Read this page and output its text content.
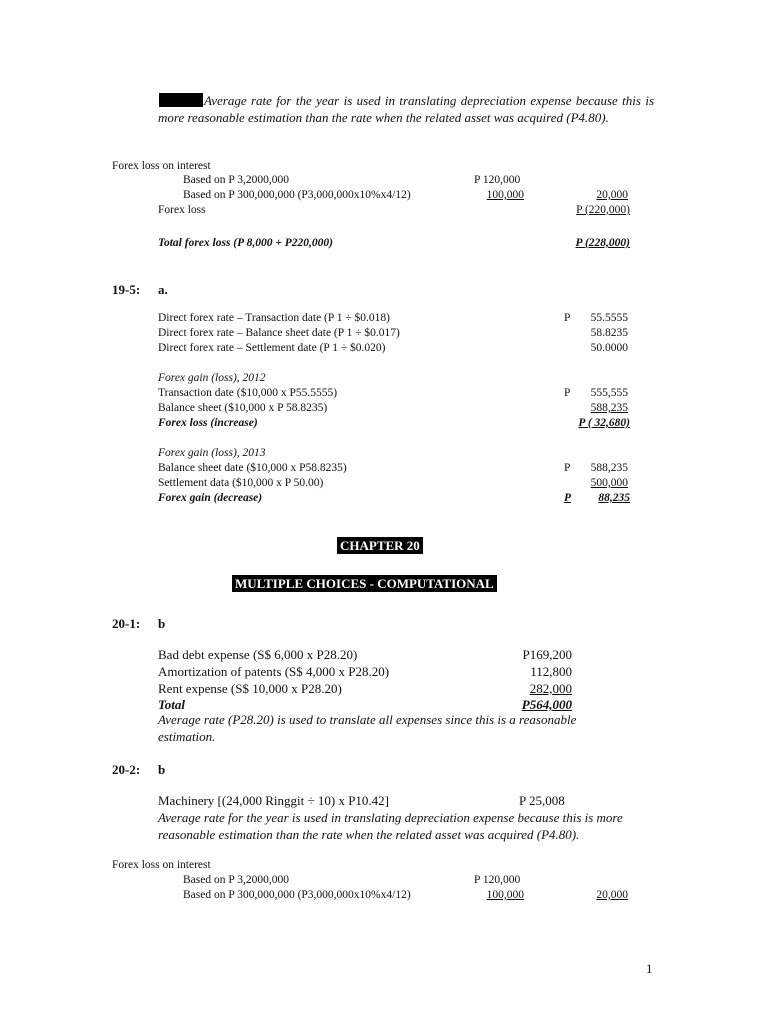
Average rate for the year is used in translating depreciation expense because this is more reasonable estimation than the rate when the related asset was acquired (P4.80).
Forex loss on interest
Based on P 3,2000,000	P 120,000
Based on P 300,000,000 (P3,000,000x10%x4/12)	100,000	20,000
Forex loss	P (220,000)
Total forex loss (P 8,000 + P220,000)	P (228,000)
19-5: a.
Direct forex rate – Transaction date (P 1 ÷ $0.018)	P	55.5555
Direct forex rate – Balance sheet date (P 1 ÷ $0.017)	58.8235
Direct forex rate – Settlement date (P 1 ÷ $0.020)	50.0000
Forex gain (loss), 2012
Transaction date ($10,000 x P55.5555)	P	555,555
Balance sheet ($10,000 x P 58.8235)	588,235
Forex loss (increase)	P ( 32,680)
Forex gain (loss), 2013
Balance sheet date ($10,000 x P58.8235)	P	588,235
Settlement data ($10,000 x P 50.00)	500,000
Forex gain (decrease)	P	88,235
CHAPTER 20
MULTIPLE CHOICES - COMPUTATIONAL
20-1: b
Bad debt expense (S$ 6,000 x P28.20)	P169,200
Amortization of patents (S$ 4,000 x P28.20)	112,800
Rent expense (S$ 10,000 x P28.20)	282,000
Total	P564,000
Average rate (P28.20) is used to translate all expenses since this is a reasonable estimation.
20-2: b
Machinery [(24,000 Ringgit ÷ 10) x P10.42]	P 25,008
Average rate for the year is used in translating depreciation expense because this is more reasonable estimation than the rate when the related asset was acquired (P4.80).
Forex loss on interest
Based on P 3,2000,000	P 120,000
Based on P 300,000,000 (P3,000,000x10%x4/12)	100,000	20,000
1
